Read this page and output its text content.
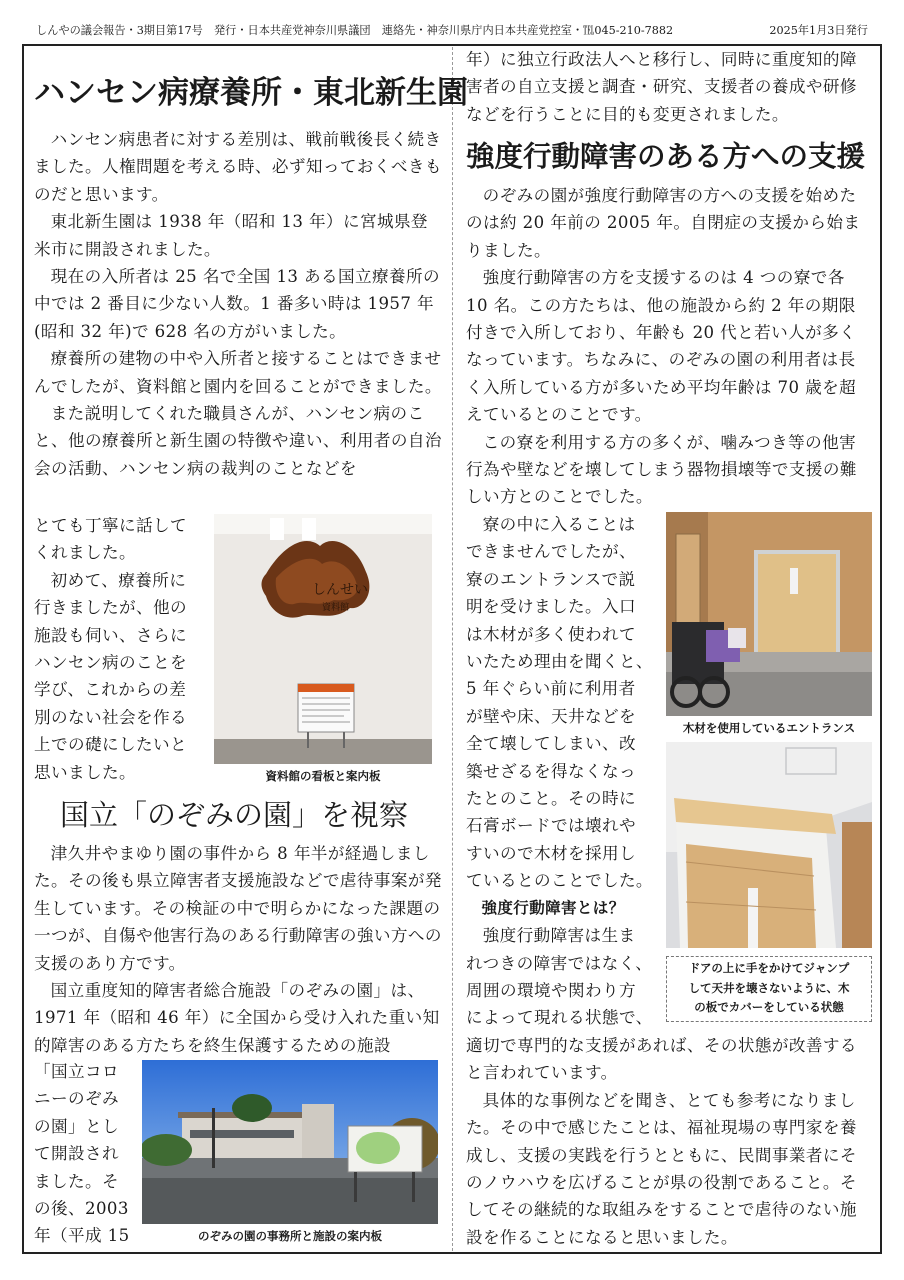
しんやの議会報告・3期目第17号　発行・日本共産党神奈川県議団　連絡先・神奈川県庁内日本共産党控室・℡045-210-7882	2025年1月3日発行
ハンセン病療養所・東北新生園

ハンセン病患者に対する差別は、戦前戦後長く続きました。人権問題を考える時、必ず知っておくべきものだと思います。

東北新生園は 1938 年（昭和 13 年）に宮城県登米市に開設されました。

現在の入所者は 25 名で全国 13 ある国立療養所の中では 2 番目に少ない人数。1 番多い時は 1957 年(昭和 32 年)で 628 名の方がいました。

療養所の建物の中や入所者と接することはできませんでしたが、資料館と園内を回ることができました。

また説明してくれた職員さんが、ハンセン病のこと、他の療養所と新生園の特徴や違い、利用者の自治会の活動、ハンセン病の裁判のことなどを

とても丁寧に話して
くれました。
初めて、療養所に
行きましたが、他の
施設も伺い、さらに
ハンセン病のことを
学び、これからの差
別のない社会を作る
上での礎にしたいと
思いました。
しんせい
資料館
資料館の看板と案内板
国立「のぞみの園」を視察

津久井やまゆり園の事件から 8 年半が経過しました。その後も県立障害者支援施設などで虐待事案が発生しています。その検証の中で明らかになった課題の一つが、自傷や他害行為のある行動障害の強い方への支援のあり方です。

国立重度知的障害者総合施設「のぞみの園」は、1971 年（昭和 46 年）に全国から受け入れた重い知的障害のある方たちを終生保護するための施設

「国立コロ
ニーのぞみ
の園」とし
て開設され
ました。そ
の後、2003
年（平成 15	のぞみの園の事務所と施設の案内板
年）に独立行政法人へと移行し、同時に重度知的障害者の自立支援と調査・研究、支援者の養成や研修などを行うことに目的も変更されました。
強度行動障害のある方への支援

のぞみの園が強度行動障害の方への支援を始めたのは約 20 年前の 2005 年。自閉症の支援から始まりました。

強度行動障害の方を支援するのは 4 つの寮で各 10 名。この方たちは、他の施設から約 2 年の期限付きで入所しており、年齢も 20 代と若い人が多くなっています。ちなみに、のぞみの園の利用者は長く入所している方が多いため平均年齢は 70 歳を超えているとのことです。

この寮を利用する方の多くが、噛みつき等の他害行為や壁などを壊してしまう器物損壊等で支援の難しい方とのことでした。

寮の中に入ることは
できませんでしたが、
寮のエントランスで説
明を受けました。入口
は木材が多く使われて
いたため理由を聞くと、
5 年ぐらい前に利用者
が壁や床、天井などを
全て壊してしまい、改
築せざるを得なくなっ
たとのこと。その時に
石膏ボードでは壊れや
すいので木材を採用し
ているとのことでした。
強度行動障害とは？
強度行動障害は生ま
れつきの障害ではなく、
周囲の環境や関わり方
によって現れる状態で、
適切で専門的な支援があれば、その状態が改善すると言われています。

具体的な事例などを聞き、とても参考になりました。その中で感じたことは、福祉現場の専門家を養成し、支援の実践を行うとともに、民間事業者にそのノウハウを広げることが県の役割であること。そしてその継続的な取組みをすることで虐待のない施設を作ることになると思いました。

木材を使用しているエントランス
ドアの上に手をかけてジャンプ
して天井を壊さないように、木
の板でカバーをしている状態
